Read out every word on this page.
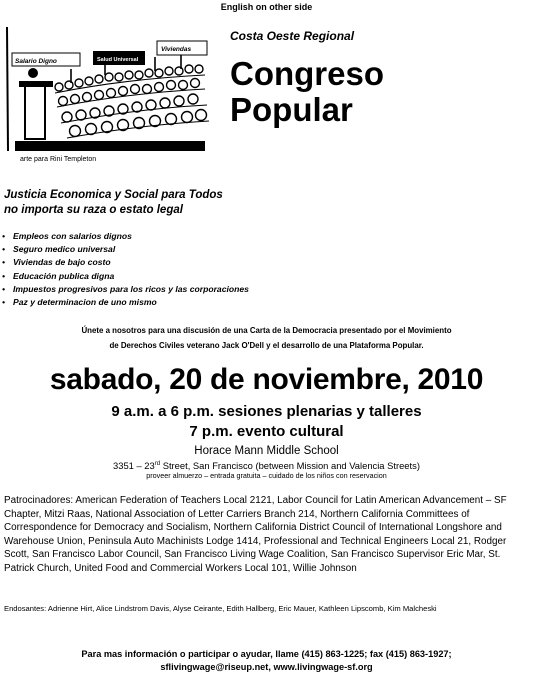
English on other side
Salario Digno	Salud Universal
Viviendas
arte para Rini Templeton
Costa Oeste Regional
Congreso
Popular
Justicia Economica y Social para Todos
no importa su raza o estato legal
• Empleos con salarios dignos
• Seguro medico universal
• Viviendas de bajo costo
• Educación publica digna
• Impuestos progresivos para los ricos y las corporaciones
• Paz y determinacion de uno mismo
Únete a nosotros para una discusión de una Carta de la Democracia presentado por el Movimiento
de Derechos Civiles veterano Jack O'Dell y el desarrollo de una Plataforma Popular.
sabado, 20 de noviembre, 2010
9 a.m. a 6 p.m. sesiones plenarias y talleres
7 p.m. evento cultural
Horace Mann Middle School
3351 – 23rd Street, San Francisco (between Mission and Valencia Streets)
proveer almuerzo – entrada gratuita – cuidado de los niños con reservacion
Patrocinadores: American Federation of Teachers Local 2121, Labor Council for Latin American Advancement – SF Chapter, Mitzi Raas, National Association of Letter Carriers Branch 214, Northern California Committees of Correspondence for Democracy and Socialism, Northern California District Council of International Longshore and Warehouse Union, Peninsula Auto Machinists Lodge 1414, Professional and Technical Engineers Local 21, Rodger Scott, San Francisco Labor Council, San Francisco Living Wage Coalition, San Francisco Supervisor Eric Mar, St. Patrick Church, United Food and Commercial Workers Local 101, Willie Johnson
Endosantes: Adrienne Hirt, Alice Lindstrom Davis, Alyse Ceirante, Edith Hallberg, Eric Mauer, Kathleen Lipscomb, Kim Malcheski
Para mas información o participar o ayudar, llame (415) 863-1225; fax (415) 863-1927;
sflivingwage@riseup.net, www.livingwage-sf.org
